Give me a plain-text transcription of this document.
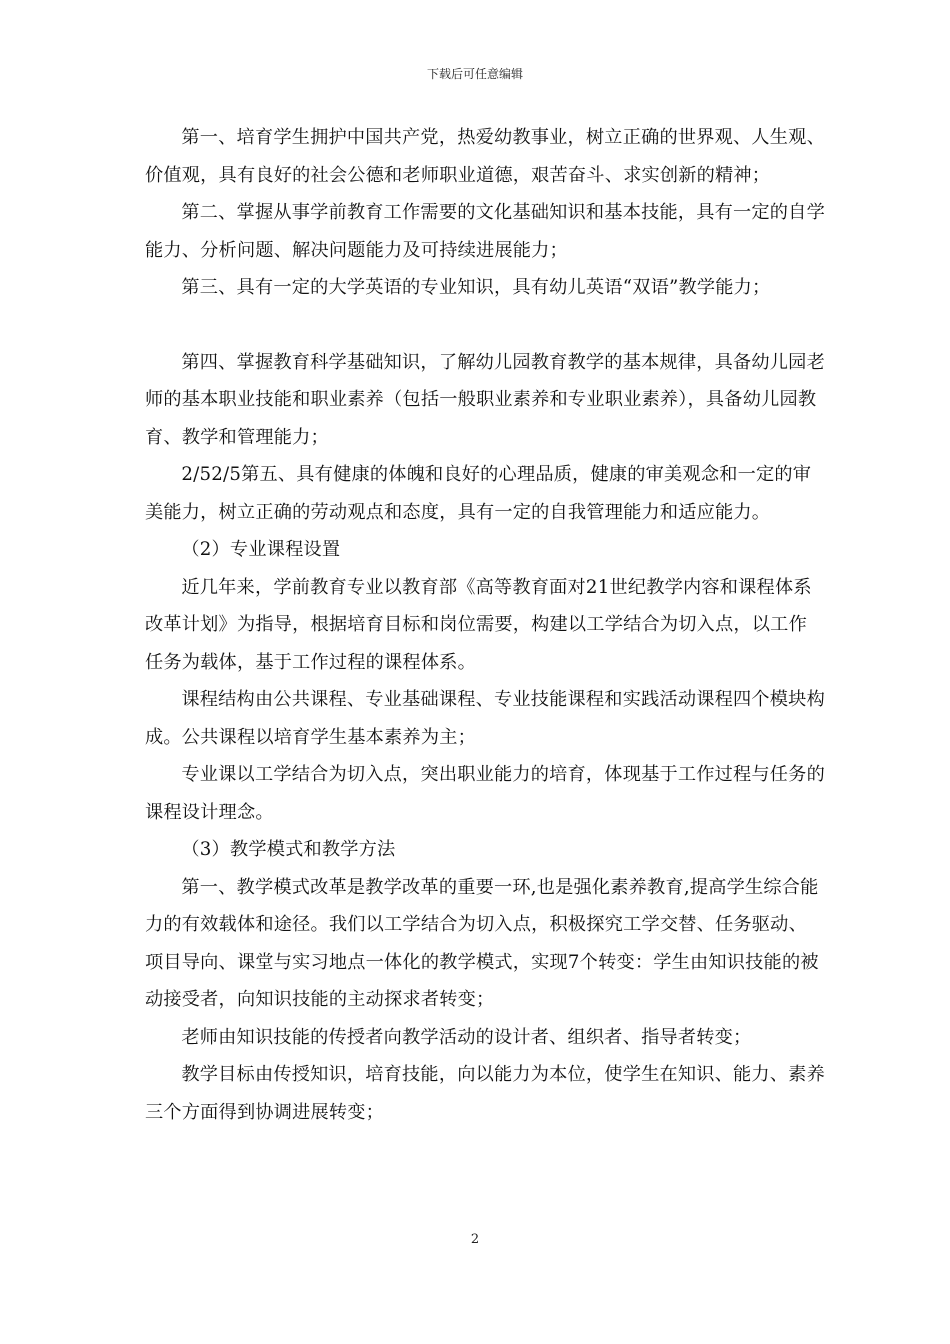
下载后可任意编辑

第一、培育学生拥护中国共产党，热爱幼教事业，树立正确的世界观、人生观、价值观，具有良好的社会公德和老师职业道德，艰苦奋斗、求实创新的精神；

第二、掌握从事学前教育工作需要的文化基础知识和基本技能，具有一定的自学能力、分析问题、解决问题能力及可持续进展能力；

第三、具有一定的大学英语的专业知识，具有幼儿英语“双语”教学能力；

第四、掌握教育科学基础知识，了解幼儿园教育教学的基本规律，具备幼儿园老师的基本职业技能和职业素养（包括一般职业素养和专业职业素养），具备幼儿园教育、教学和管理能力；

2/52/5第五、具有健康的体魄和良好的心理品质，健康的审美观念和一定的审美能力，树立正确的劳动观点和态度，具有一定的自我管理能力和适应能力。

（2）专业课程设置

近几年来，学前教育专业以教育部《高等教育面对21世纪教学内容和课程体系改革计划》为指导，根据培育目标和岗位需要，构建以工学结合为切入点，以工作任务为载体，基于工作过程的课程体系。

课程结构由公共课程、专业基础课程、专业技能课程和实践活动课程四个模块构成。公共课程以培育学生基本素养为主；

专业课以工学结合为切入点，突出职业能力的培育，体现基于工作过程与任务的课程设计理念。

（3）教学模式和教学方法

第一、教学模式改革是教学改革的重要一环,也是强化素养教育,提高学生综合能力的有效载体和途径。我们以工学结合为切入点，积极探究工学交替、任务驱动、项目导向、课堂与实习地点一体化的教学模式，实现7个转变：学生由知识技能的被动接受者，向知识技能的主动探求者转变；

老师由知识技能的传授者向教学活动的设计者、组织者、指导者转变；

教学目标由传授知识，培育技能，向以能力为本位，使学生在知识、能力、素养三个方面得到协调进展转变；

2
